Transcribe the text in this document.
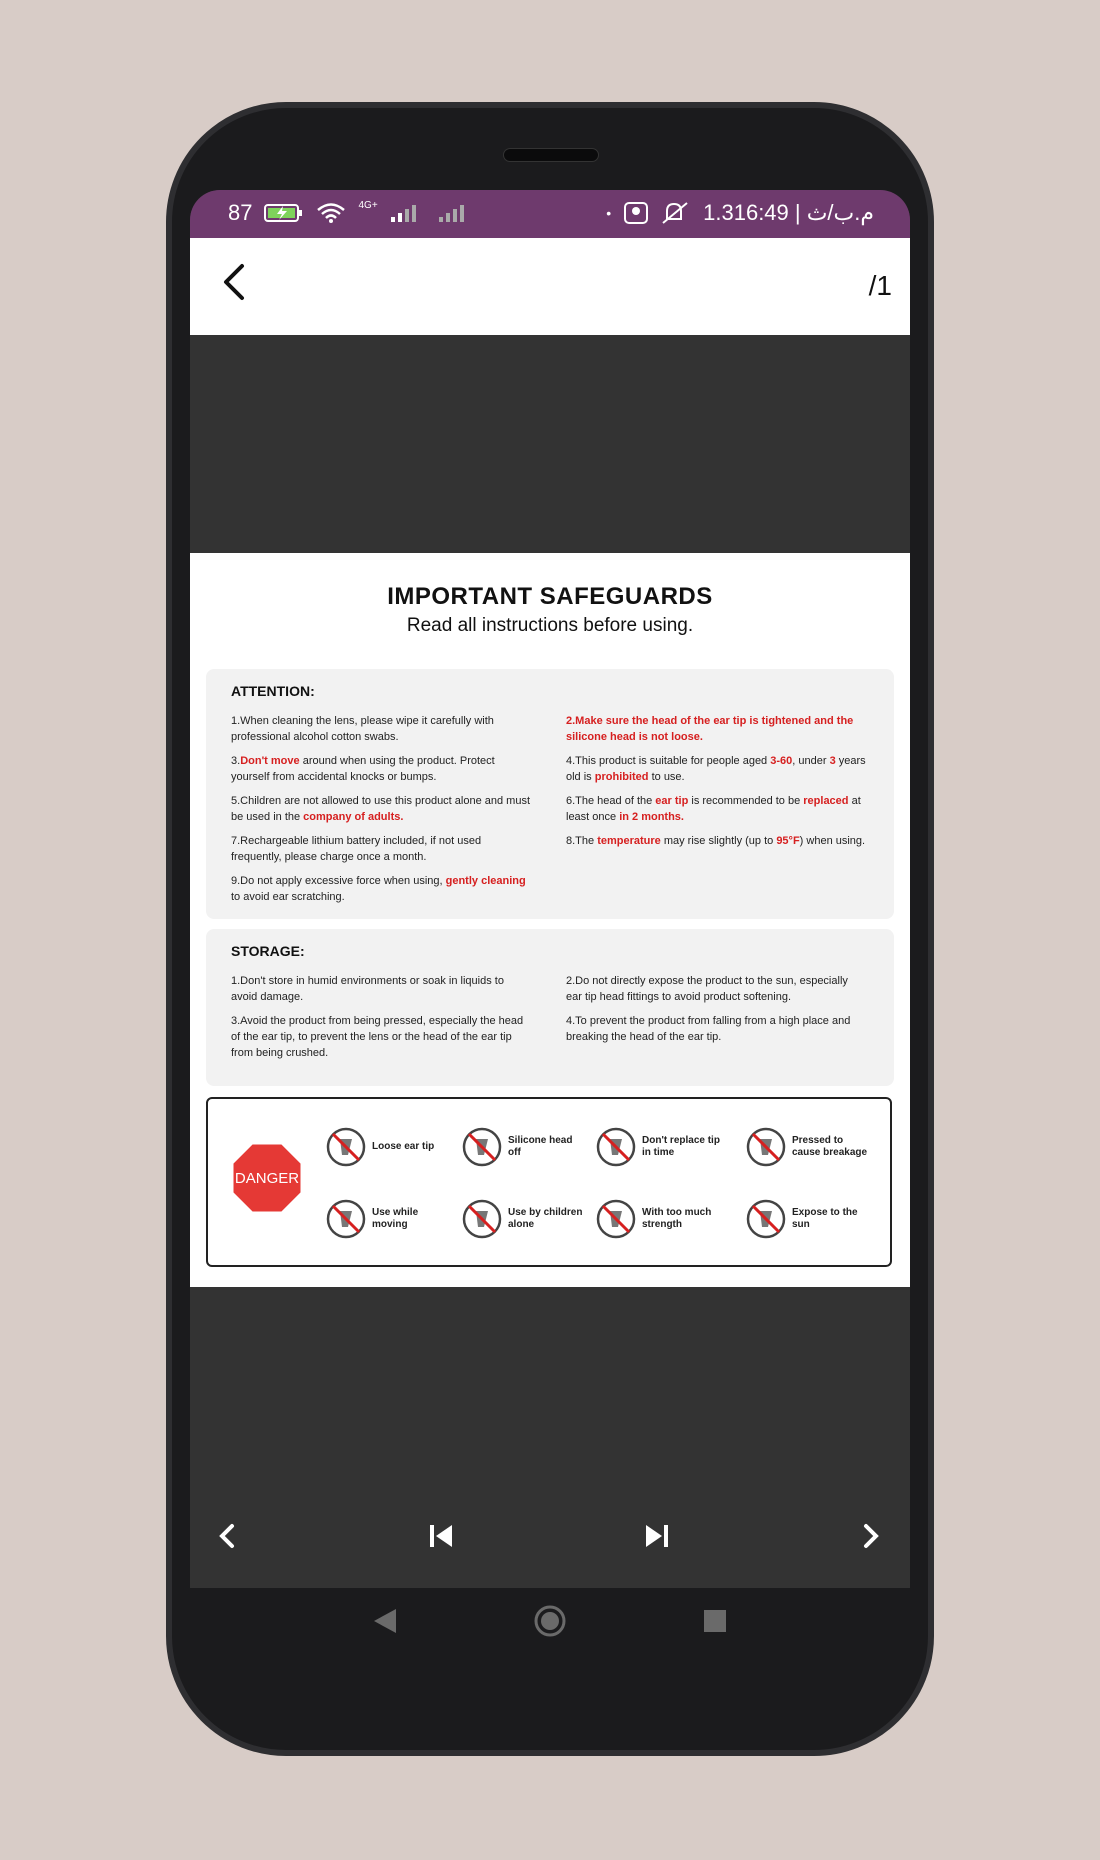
87	4G+	•	1.3م.ب/ث | 16:49
/1
IMPORTANT SAFEGUARDS
Read all instructions before using.
ATTENTION:
1.When cleaning the lens, please wipe it carefully with professional alcohol cotton swabs.
2.Make sure the head of the ear tip is tightened and the silicone head is not loose.
3.Don't move around when using the product. Protect yourself from accidental knocks or bumps.
4.This product is suitable for people aged 3-60, under 3 years old is prohibited to use.
5.Children are not allowed to use this product alone and must be used in the company of adults.
6.The head of the ear tip is recommended to be replaced at least once in 2 months.
7.Rechargeable lithium battery included, if not used frequently, please charge once a month.
8.The temperature may rise slightly (up to 95°F) when using.
9.Do not apply excessive force when using, gently cleaning to avoid ear scratching.
STORAGE:
1.Don't store in humid environments or soak in liquids to avoid damage.
2.Do not directly expose the product to the sun, especially ear tip head fittings to avoid product softening.
3.Avoid the product from being pressed, especially the head of the ear tip, to prevent the lens or the head of the ear tip from being crushed.
4.To prevent the product from falling from a high place and breaking the head of the ear tip.
DANGER
Loose ear tip
Silicone head off
Don't replace tip in time
Pressed to cause breakage
Use while moving
Use by children alone
With too much strength
Expose to the sun
